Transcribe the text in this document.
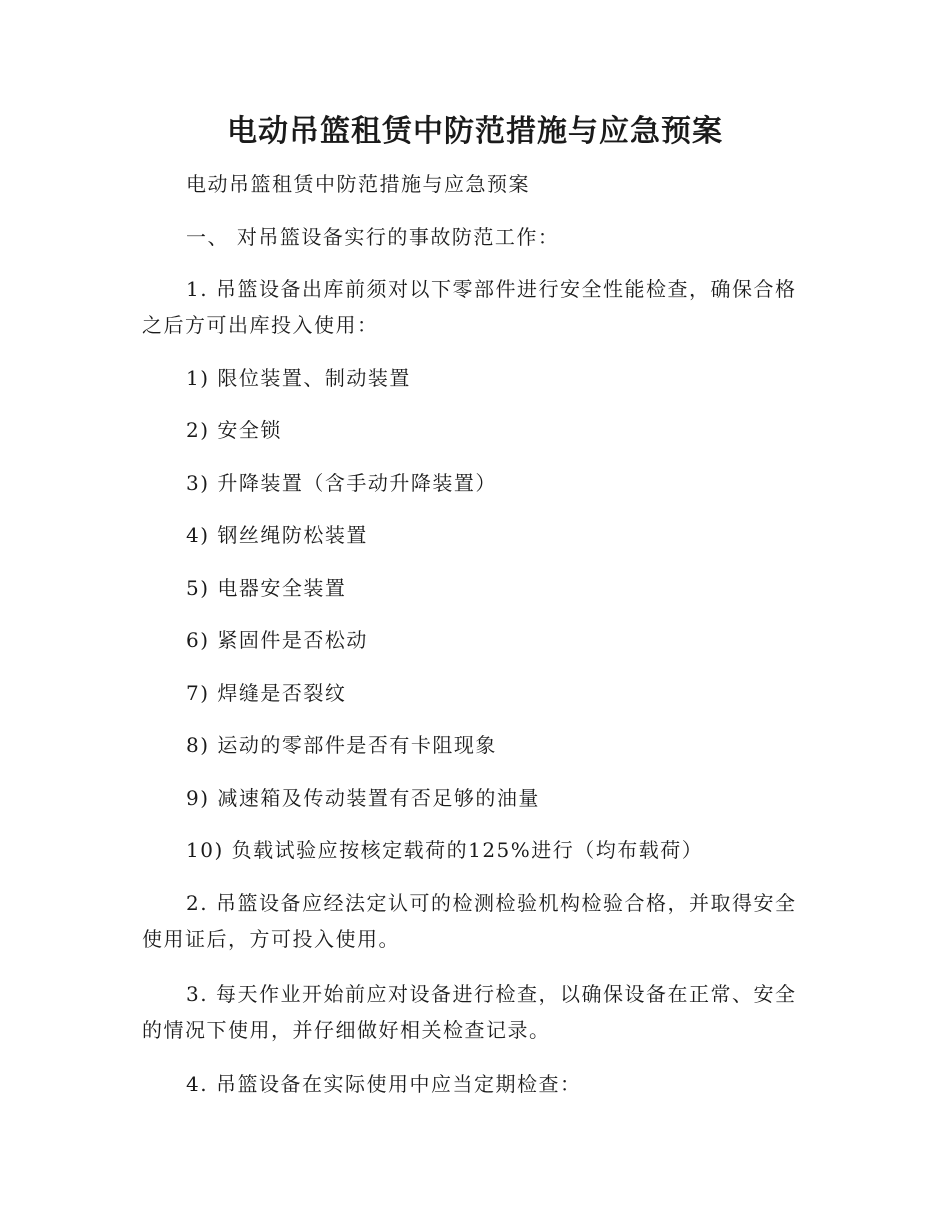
电动吊篮租赁中防范措施与应急预案
电动吊篮租赁中防范措施与应急预案
一、 对吊篮设备实行的事故防范工作：
1. 吊篮设备出库前须对以下零部件进行安全性能检查，确保合格
之后方可出库投入使用：
1) 限位装置、制动装置
2) 安全锁
3) 升降装置（含手动升降装置）
4) 钢丝绳防松装置
5) 电器安全装置
6) 紧固件是否松动
7) 焊缝是否裂纹
8) 运动的零部件是否有卡阻现象
9) 减速箱及传动装置有否足够的油量
10) 负载试验应按核定载荷的125%进行（均布载荷）
2. 吊篮设备应经法定认可的检测检验机构检验合格，并取得安全
使用证后，方可投入使用。
3. 每天作业开始前应对设备进行检查，以确保设备在正常、安全
的情况下使用，并仔细做好相关检查记录。
4. 吊篮设备在实际使用中应当定期检查：
